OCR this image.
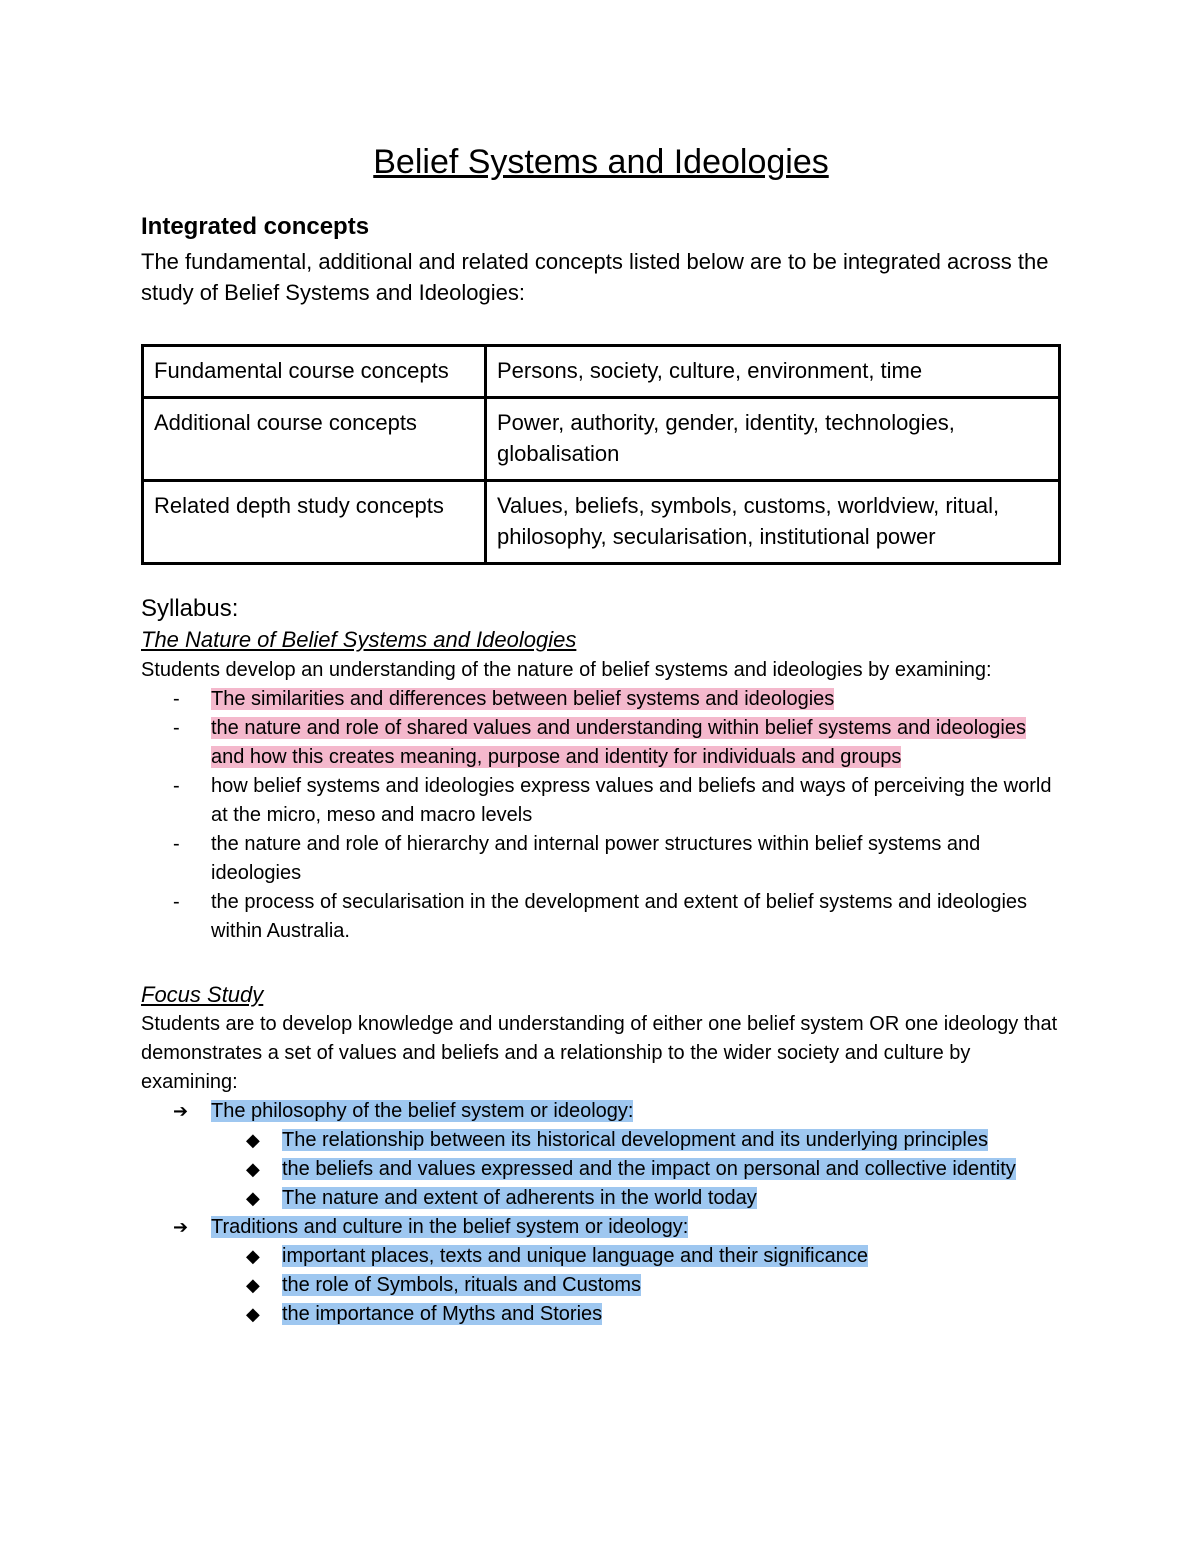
Belief Systems and Ideologies
Integrated concepts

The fundamental, additional and related concepts listed below are to be integrated across the study of Belief Systems and Ideologies:

Fundamental course concepts	Persons, society, culture, environment, time
Additional course concepts	Power, authority, gender, identity, technologies, globalisation
Related depth study concepts	Values, beliefs, symbols, customs, worldview, ritual, philosophy, secularisation, institutional power
Syllabus:
The Nature of Belief Systems and Ideologies

Students develop an understanding of the nature of belief systems and ideologies by examining:

- The similarities and differences between belief systems and ideologies
- the nature and role of shared values and understanding within belief systems and ideologies and how this creates meaning, purpose and identity for individuals and groups
- how belief systems and ideologies express values and beliefs and ways of perceiving the world at the micro, meso and macro levels
- the nature and role of hierarchy and internal power structures within belief systems and ideologies
- the process of secularisation in the development and extent of belief systems and ideologies within Australia.
Focus Study

Students are to develop knowledge and understanding of either one belief system OR one ideology that demonstrates a set of values and beliefs and a relationship to the wider society and culture by examining:

➔ The philosophy of the belief system or ideology:
◆ The relationship between its historical development and its underlying principles
◆ the beliefs and values expressed and the impact on personal and collective identity
◆ The nature and extent of adherents in the world today
➔ Traditions and culture in the belief system or ideology:
◆ important places, texts and unique language and their significance
◆ the role of Symbols, rituals and Customs
◆ the importance of Myths and Stories
